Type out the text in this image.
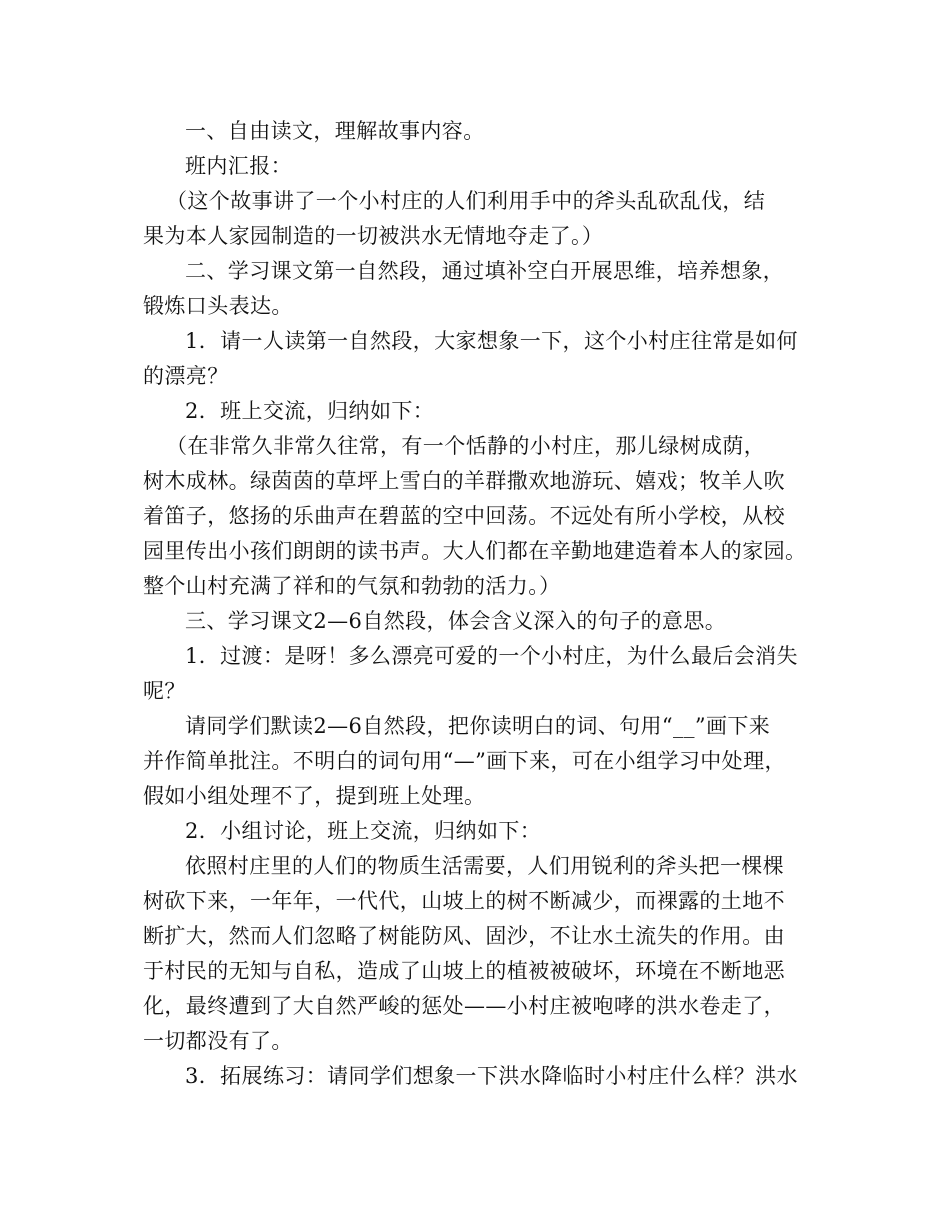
一、自由读文，理解故事内容。
班内汇报：
（这个故事讲了一个小村庄的人们利用手中的斧头乱砍乱伐，结
果为本人家园制造的一切被洪水无情地夺走了。）
二、学习课文第一自然段，通过填补空白开展思维，培养想象，
锻炼口头表达。
1．请一人读第一自然段，大家想象一下，这个小村庄往常是如何
的漂亮？
2．班上交流，归纳如下：
（在非常久非常久往常，有一个恬静的小村庄，那儿绿树成荫，
树木成林。绿茵茵的草坪上雪白的羊群撒欢地游玩、嬉戏；牧羊人吹
着笛子，悠扬的乐曲声在碧蓝的空中回荡。不远处有所小学校，从校
园里传出小孩们朗朗的读书声。大人们都在辛勤地建造着本人的家园。
整个山村充满了祥和的气氛和勃勃的活力。）
三、学习课文2—6自然段，体会含义深入的句子的意思。
1．过渡：是呀！多么漂亮可爱的一个小村庄，为什么最后会消失
呢？
请同学们默读2—6自然段，把你读明白的词、句用“__”画下来
并作简单批注。不明白的词句用“—”画下来，可在小组学习中处理，
假如小组处理不了，提到班上处理。
2．小组讨论，班上交流，归纳如下：
依照村庄里的人们的物质生活需要，人们用锐利的斧头把一棵棵
树砍下来，一年年，一代代，山坡上的树不断减少，而裸露的土地不
断扩大，然而人们忽略了树能防风、固沙，不让水土流失的作用。由
于村民的无知与自私，造成了山坡上的植被被破坏，环境在不断地恶
化，最终遭到了大自然严峻的惩处——小村庄被咆哮的洪水卷走了，
一切都没有了。
3．拓展练习：请同学们想象一下洪水降临时小村庄什么样？洪水
